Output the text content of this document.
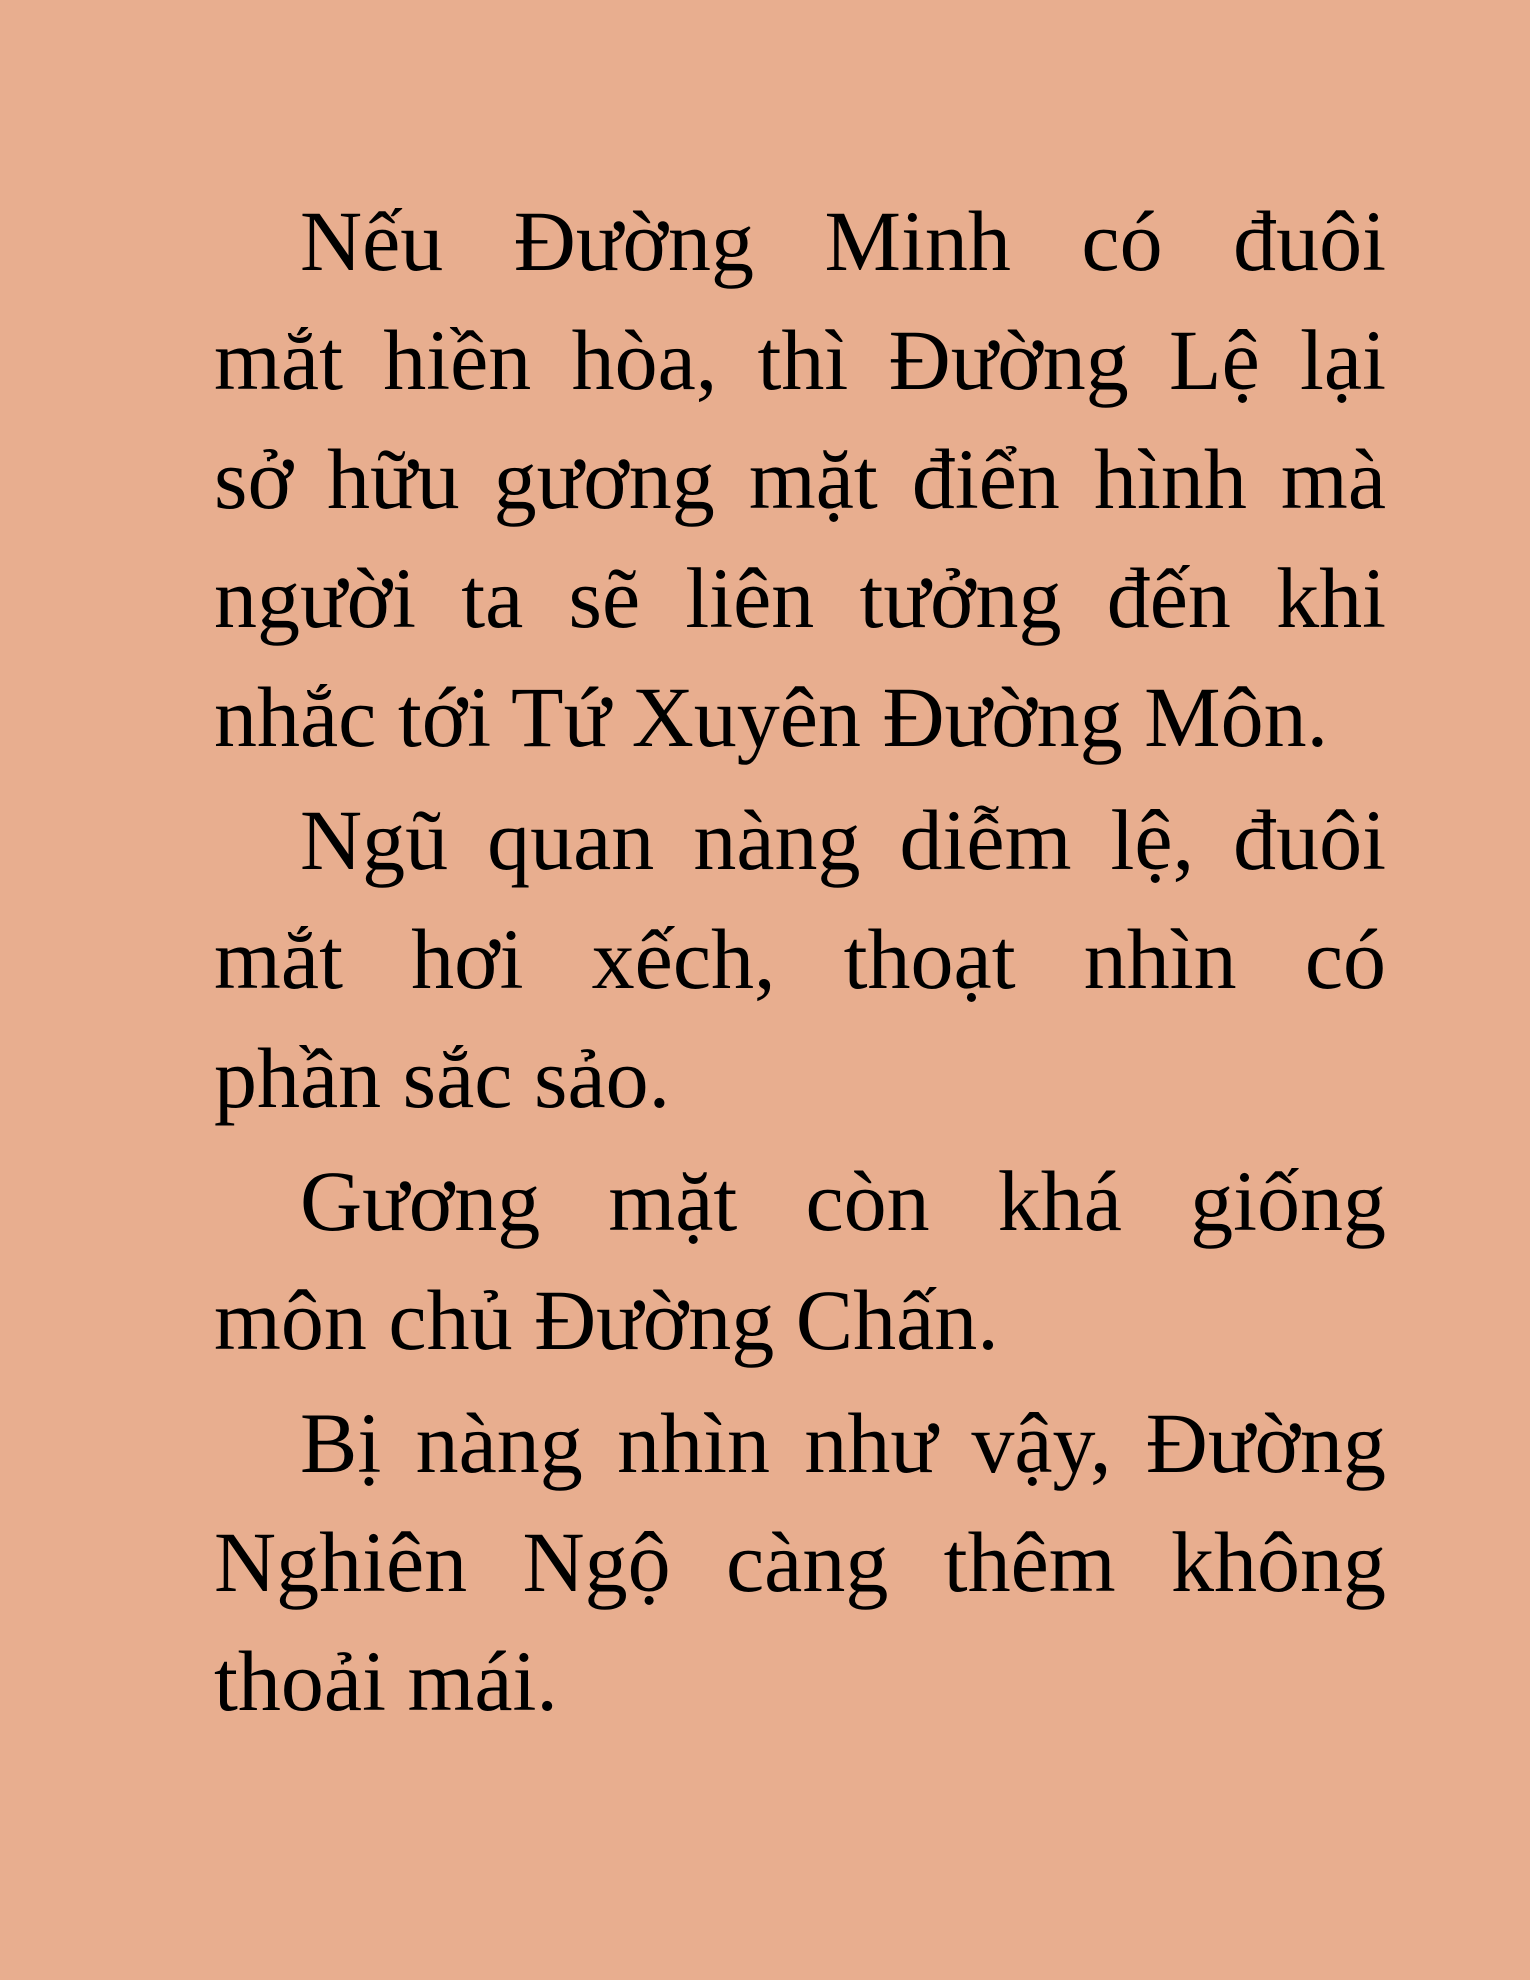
Nếu Đường Minh có đuôi
mắt hiền hòa, thì Đường Lệ lại
sở hữu gương mặt điển hình mà
người ta sẽ liên tưởng đến khi
nhắc tới Tứ Xuyên Đường Môn.

Ngũ quan nàng diễm lệ, đuôi
mắt hơi xếch, thoạt nhìn có
phần sắc sảo.

Gương mặt còn khá giống
môn chủ Đường Chấn.

Bị nàng nhìn như vậy, Đường
Nghiên Ngộ càng thêm không
thoải mái.
